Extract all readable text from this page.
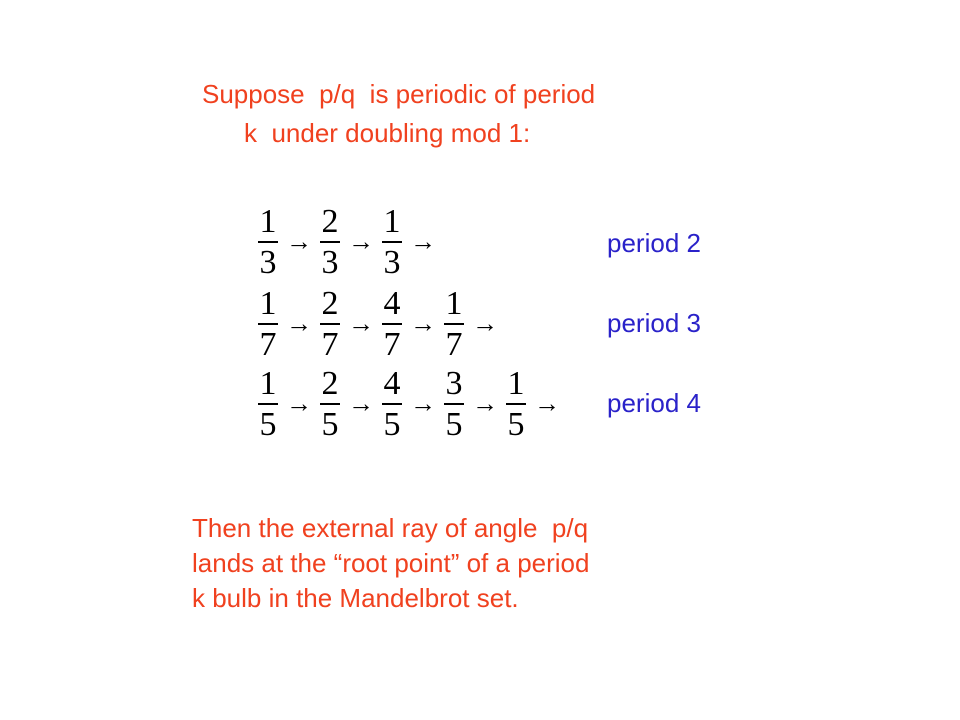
Suppose  p/q  is periodic of period
k  under doubling mod 1:
$\frac{1}{3} \to \frac{2}{3} \to \frac{1}{3}$ →
$\frac{1}{7} \to \frac{2}{7} \to \frac{4}{7} \to \frac{1}{7}$ →
$\frac{1}{5} \to \frac{2}{5} \to \frac{4}{5} \to \frac{3}{5} \to \frac{1}{5}$ →
period 2
period 3
period 4
Then the external ray of angle  p/q
lands at the “root point” of a period
k bulb in the Mandelbrot set.
